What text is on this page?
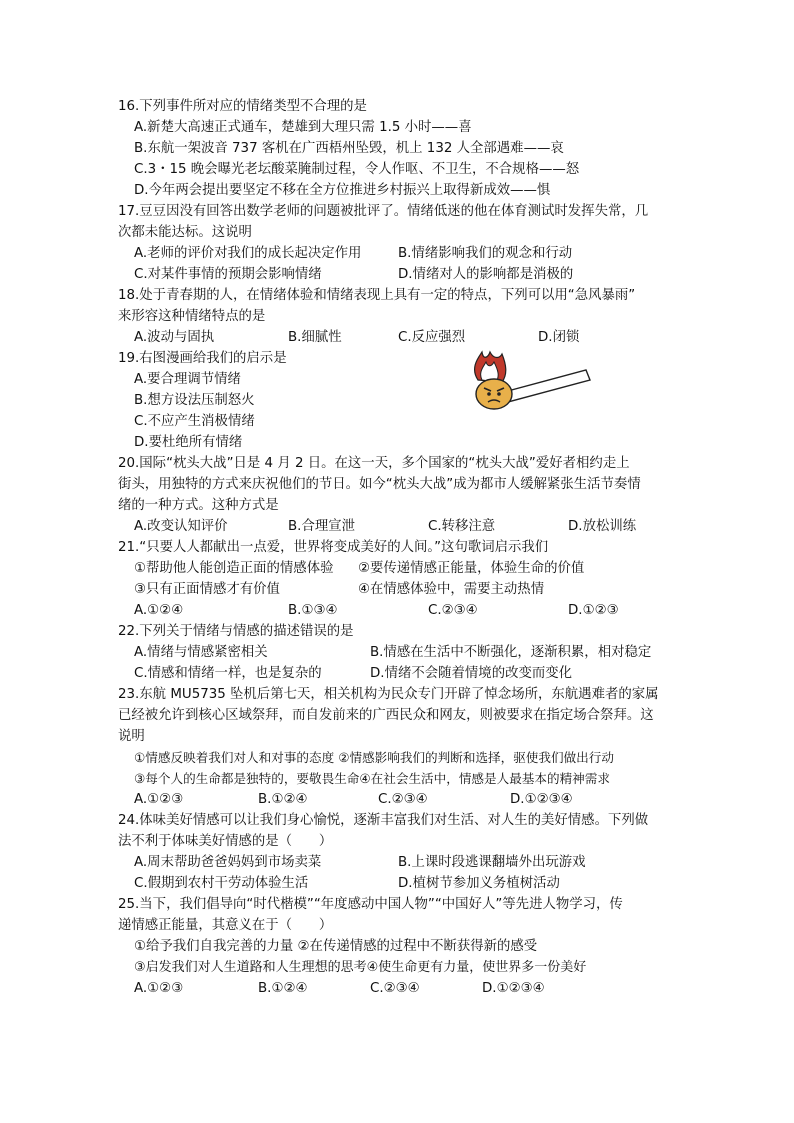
16.下列事件所对应的情绪类型不合理的是
A.新楚大高速正式通车，楚雄到大理只需 1.5 小时——喜
B.东航一架波音 737 客机在广西梧州坠毁，机上 132 人全部遇难——哀
C.3・15 晚会曝光老坛酸菜腌制过程，令人作呕、不卫生，不合规格——怒
D.今年两会提出要坚定不移在全方位推进乡村振兴上取得新成效——惧
17.豆豆因没有回答出数学老师的问题被批评了。情绪低迷的他在体育测试时发挥失常，几
次都未能达标。这说明
A.老师的评价对我们的成长起决定作用	B.情绪影响我们的观念和行动
C.对某件事情的预期会影响情绪	D.情绪对人的影响都是消极的
18.处于青春期的人，在情绪体验和情绪表现上具有一定的特点，下列可以用“急风暴雨”
来形容这种情绪特点的是
A.波动与固执	B.细腻性	C.反应强烈	D.闭锁
19.右图漫画给我们的启示是
A.要合理调节情绪
B.想方设法压制怒火
C.不应产生消极情绪
D.要杜绝所有情绪
20.国际“枕头大战”日是 4 月 2 日。在这一天，多个国家的“枕头大战”爱好者相约走上
街头，用独特的方式来庆祝他们的节日。如今“枕头大战”成为都市人缓解紧张生活节奏情
绪的一种方式。这种方式是
A.改变认知评价	B.合理宣泄	C.转移注意	D.放松训练
21.“只要人人都献出一点爱，世界将变成美好的人间。”这句歌词启示我们
①帮助他人能创造正面的情感体验 ②要传递情感正能量，体验生命的价值
③只有正面情感才有价值	④在情感体验中，需要主动热情
A.①②④	B.①③④	C.②③④	D.①②③
22.下列关于情绪与情感的描述错误的是
A.情绪与情感紧密相关	B.情感在生活中不断强化，逐渐积累，相对稳定
C.情感和情绪一样，也是复杂的	D.情绪不会随着情境的改变而变化
23.东航 MU5735 坠机后第七天，相关机构为民众专门开辟了悼念场所，东航遇难者的家属
已经被允许到核心区域祭拜，而自发前来的广西民众和网友，则被要求在指定场合祭拜。这
说明
①情感反映着我们对人和对事的态度 ②情感影响我们的判断和选择，驱使我们做出行动
③每个人的生命都是独特的，要敬畏生命④在社会生活中，情感是人最基本的精神需求
A.①②③	B.①②④	C.②③④	D.①②③④
24.体味美好情感可以让我们身心愉悦，逐渐丰富我们对生活、对人生的美好情感。下列做
法不利于体味美好情感的是（　　）
A.周末帮助爸爸妈妈到市场卖菜	B.上课时段逃课翻墙外出玩游戏
C.假期到农村干劳动体验生活	D.植树节参加义务植树活动
25.当下，我们倡导向“时代楷模”“年度感动中国人物”“中国好人”等先进人物学习，传
递情感正能量，其意义在于（　　）
①给予我们自我完善的力量 ②在传递情感的过程中不断获得新的感受
③启发我们对人生道路和人生理想的思考④使生命更有力量，使世界多一份美好
A.①②③	B.①②④	C.②③④	D.①②③④
